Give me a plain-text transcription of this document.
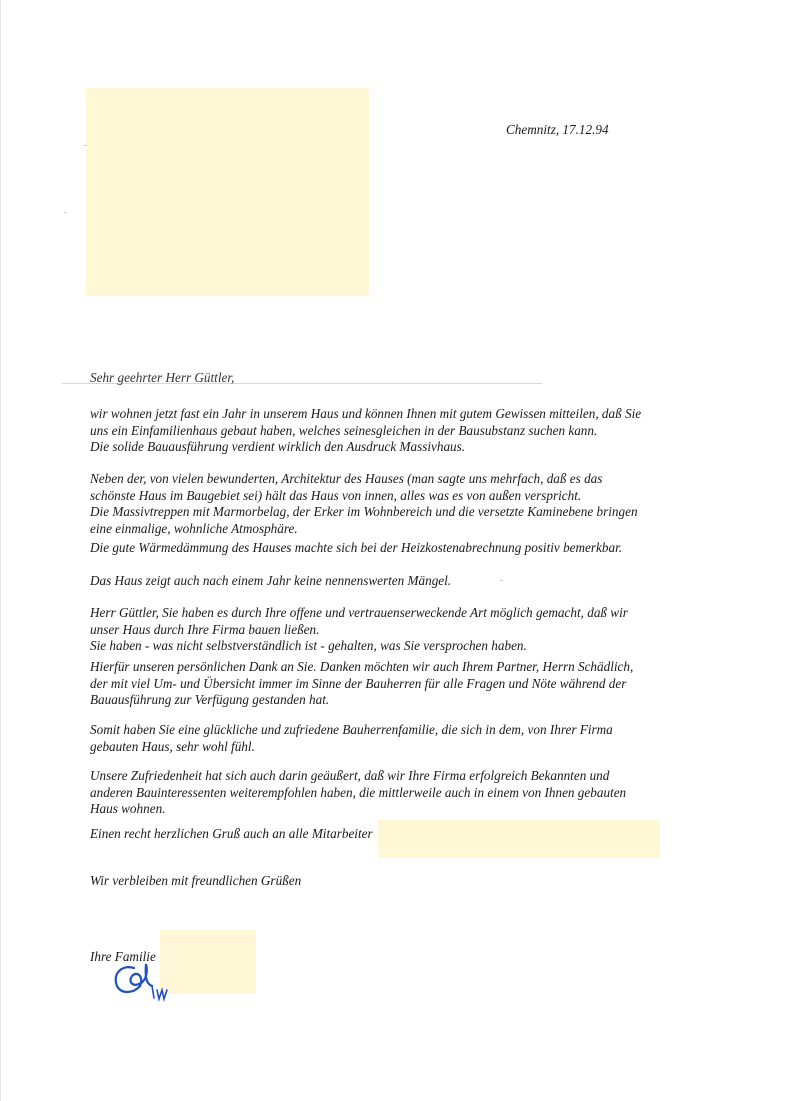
Chemnitz, 17.12.94
Sehr geehrter Herr Güttler,
wir wohnen jetzt fast ein Jahr in unserem Haus und können Ihnen mit gutem Gewissen mitteilen, daß Sie
uns ein Einfamilienhaus gebaut haben, welches seinesgleichen in der Bausubstanz suchen kann.
Die solide Bauausführung verdient wirklich den Ausdruck Massivhaus.
Neben der, von vielen bewunderten, Architektur des Hauses (man sagte uns mehrfach, daß es das
schönste Haus im Baugebiet sei) hält das Haus von innen, alles was es von außen verspricht.
Die Massivtreppen mit Marmorbelag, der Erker im Wohnbereich und die versetzte Kaminebene bringen
eine einmalige, wohnliche Atmosphäre.
Die gute Wärmedämmung des Hauses machte sich bei der Heizkostenabrechnung positiv bemerkbar.
Das Haus zeigt auch nach einem Jahr keine nennenswerten Mängel.
Herr Güttler, Sie haben es durch Ihre offene und vertrauenserweckende Art möglich gemacht, daß wir
unser Haus durch Ihre Firma bauen ließen.
Sie haben - was nicht selbstverständlich ist - gehalten, was Sie versprochen haben.
Hierfür unseren persönlichen Dank an Sie. Danken möchten wir auch Ihrem Partner, Herrn Schädlich,
der mit viel Um- und Übersicht immer im Sinne der Bauherren für alle Fragen und Nöte während der
Bauausführung zur Verfügung gestanden hat.
Somit haben Sie eine glückliche und zufriedene Bauherrenfamilie, die sich in dem, von Ihrer Firma
gebauten Haus, sehr wohl fühl.
Unsere Zufriedenheit hat sich auch darin geäußert, daß wir Ihre Firma erfolgreich Bekannten und
anderen Bauinteressenten weiterempfohlen haben, die mittlerweile auch in einem von Ihnen gebauten
Haus wohnen.
Einen recht herzlichen Gruß auch an alle Mitarbeiter
Wir verbleiben mit freundlichen Grüßen
Ihre Familie
